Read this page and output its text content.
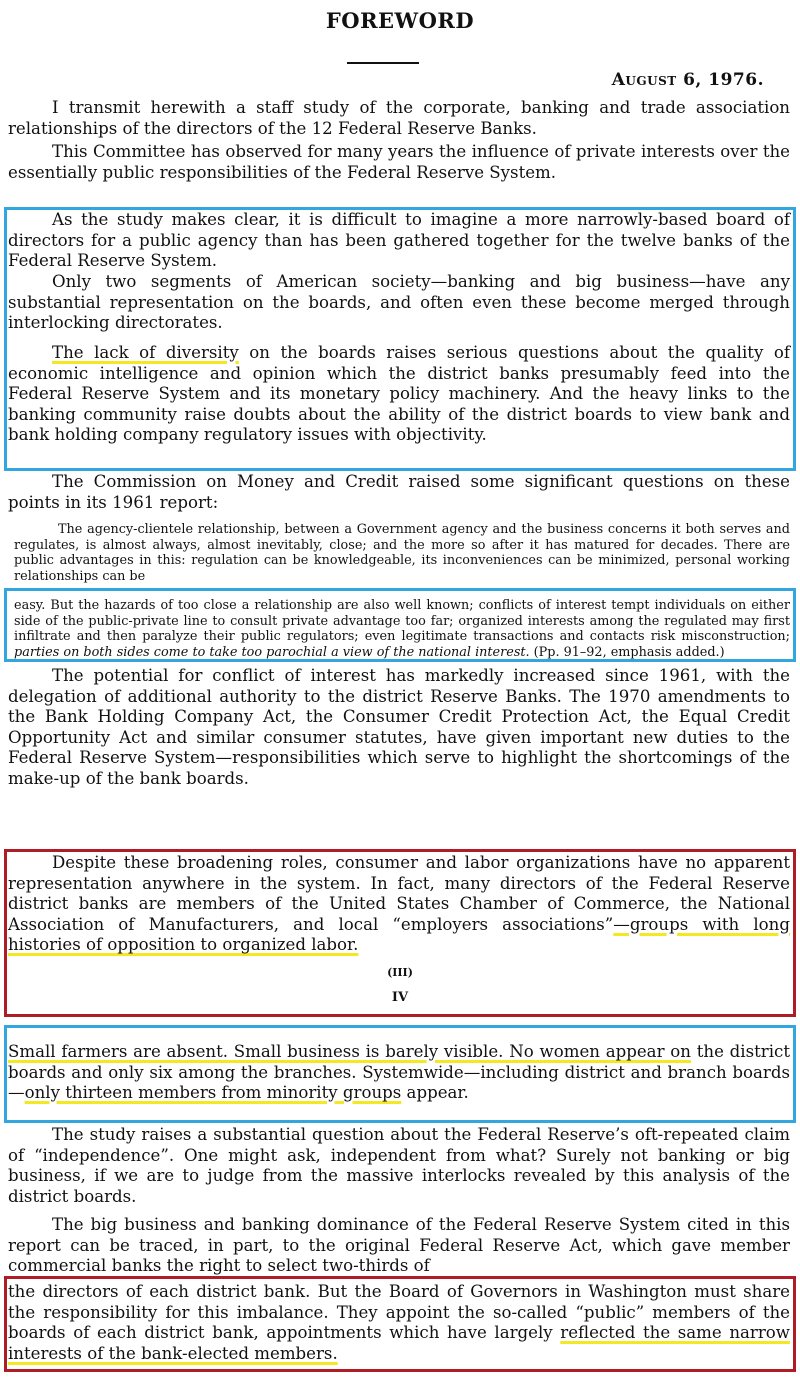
FOREWORD
August 6, 1976.

I transmit herewith a staff study of the corporate, banking and trade association relationships of the directors of the 12 Federal Reserve Banks.

This Committee has observed for many years the influence of private interests over the essentially public responsibilities of the Federal Reserve System.

As the study makes clear, it is difficult to imagine a more narrowly-based board of directors for a public agency than has been gathered together for the twelve banks of the Federal Reserve System.

Only two segments of American society—banking and big business—have any substantial representation on the boards, and often even these become merged through interlocking directorates.

The lack of diversity on the boards raises serious questions about the quality of economic intelligence and opinion which the district banks presumably feed into the Federal Reserve System and its monetary policy machinery. And the heavy links to the banking community raise doubts about the ability of the district boards to view bank and bank holding company regulatory issues with objectivity.

The Commission on Money and Credit raised some significant questions on these points in its 1961 report:

The agency-clientele relationship, between a Government agency and the business concerns it both serves and regulates, is almost always, almost inevitably, close; and the more so after it has matured for decades. There are public advantages in this: regulation can be knowledgeable, its inconveniences can be minimized, personal working relationships can be

easy. But the hazards of too close a relationship are also well known; conflicts of interest tempt individuals on either side of the public-private line to consult private advantage too far; organized interests among the regulated may first infiltrate and then paralyze their public regulators; even legitimate transactions and contacts risk misconstruction; parties on both sides come to take too parochial a view of the national interest. (Pp. 91–92, emphasis added.)

The potential for conflict of interest has markedly increased since 1961, with the delegation of additional authority to the district Reserve Banks. The 1970 amendments to the Bank Holding Company Act, the Consumer Credit Protection Act, the Equal Credit Opportunity Act and similar consumer statutes, have given important new duties to the Federal Reserve System—responsibilities which serve to highlight the shortcomings of the make-up of the bank boards.

Despite these broadening roles, consumer and labor organizations have no apparent representation anywhere in the system. In fact, many directors of the Federal Reserve district banks are members of the United States Chamber of Commerce, the National Association of Manufacturers, and local “employers associations”—groups with long histories of opposition to organized labor.

(III)
IV

Small farmers are absent. Small business is barely visible. No women appear on the district boards and only six among the branches. Systemwide—including district and branch boards—only thirteen members from minority groups appear.

The study raises a substantial question about the Federal Reserve’s oft-repeated claim of “independence”. One might ask, independent from what? Surely not banking or big business, if we are to judge from the massive interlocks revealed by this analysis of the district boards.

The big business and banking dominance of the Federal Reserve System cited in this report can be traced, in part, to the original Federal Reserve Act, which gave member commercial banks the right to select two-thirds of

the directors of each district bank. But the Board of Governors in Washington must share the responsibility for this imbalance. They appoint the so-called “public” members of the boards of each district bank, appointments which have largely reflected the same narrow interests of the bank-elected members.
